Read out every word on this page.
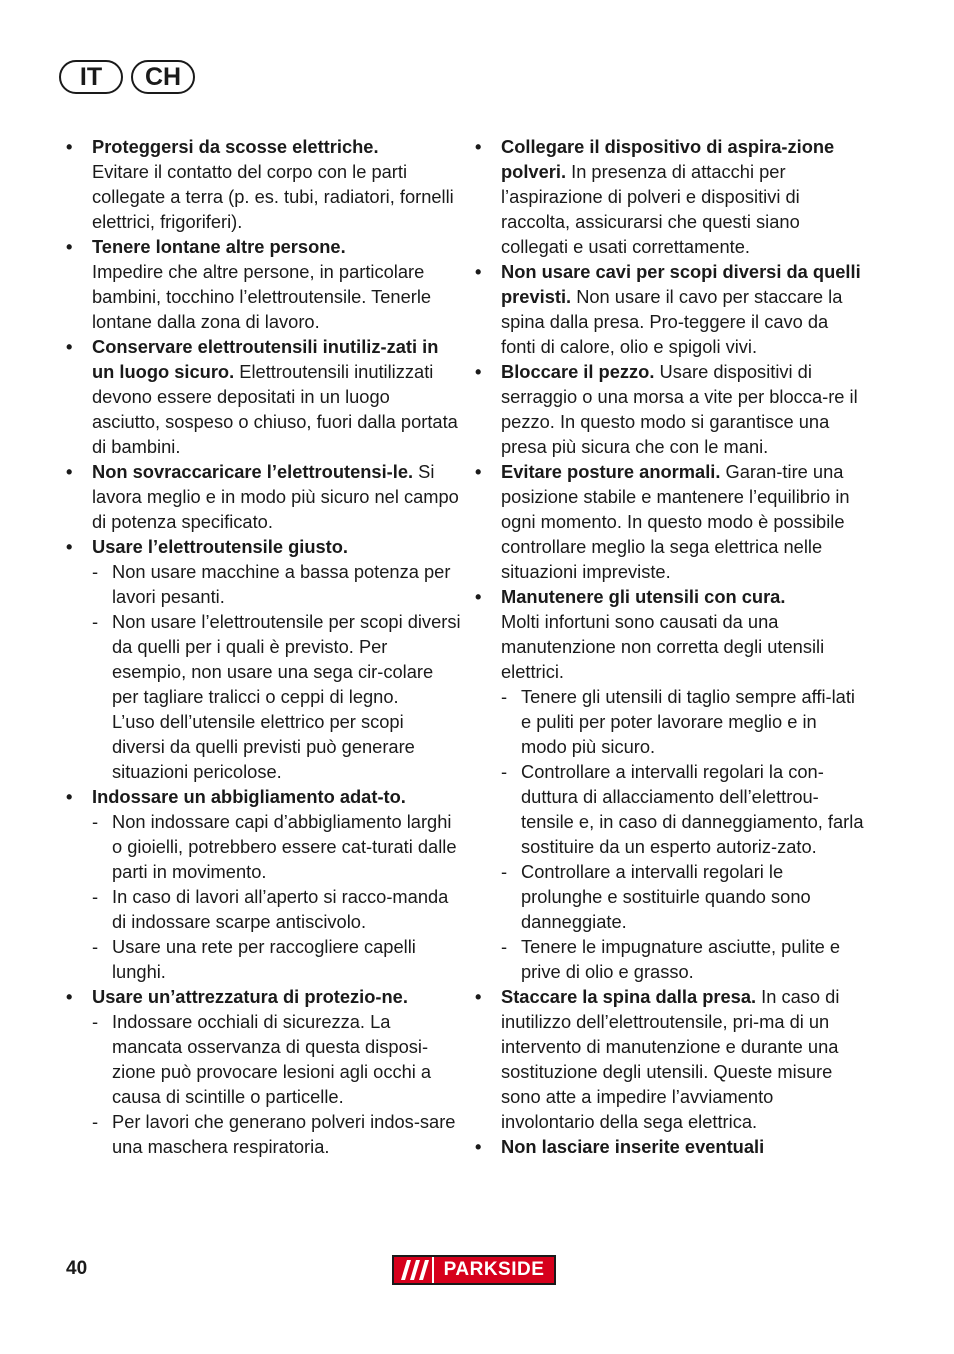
IT	CH
• Proteggersi da scosse elettriche.
Evitare il contatto del corpo con le parti collegate a terra (p. es. tubi, radiatori, fornelli elettrici, frigoriferi).
• Tenere lontane altre persone.
Impedire che altre persone, in particolare bambini, tocchino l’elettroutensile. Tenerle lontane dalla zona di lavoro.
• Conservare elettroutensili inutiliz-zati in un luogo sicuro. Elettroutensili inutilizzati devono essere depositati in un luogo asciutto, sospeso o chiuso, fuori dalla portata di bambini.
• Non sovraccaricare l’elettroutensi-le. Si lavora meglio e in modo più sicuro nel campo di potenza specificato.
• Usare l’elettroutensile giusto.
- Non usare macchine a bassa potenza per lavori pesanti.
- Non usare l’elettroutensile per scopi diversi da quelli per i quali è previsto. Per esempio, non usare una sega cir-colare per tagliare tralicci o ceppi di legno.
L’uso dell’utensile elettrico per scopi diversi da quelli previsti può generare situazioni pericolose.
• Indossare un abbigliamento adat-to.
- Non indossare capi d’abbigliamento larghi o gioielli, potrebbero essere cat-turati dalle parti in movimento.
- In caso di lavori all’aperto si racco-manda di indossare scarpe antiscivolo.
- Usare una rete per raccogliere capelli lunghi.
• Usare un’attrezzatura di protezio-ne.
- Indossare occhiali di sicurezza. La mancata osservanza di questa disposi-zione può provocare lesioni agli occhi a causa di scintille o particelle.
- Per lavori che generano polveri indos-sare una maschera respiratoria.
• Collegare il dispositivo di aspira-zione polveri. In presenza di attacchi per l’aspirazione di polveri e dispositivi di raccolta, assicurarsi che questi siano collegati e usati correttamente.
• Non usare cavi per scopi diversi da quelli previsti. Non usare il cavo per staccare la spina dalla presa. Pro-teggere il cavo da fonti di calore, olio e spigoli vivi.
• Bloccare il pezzo. Usare dispositivi di serraggio o una morsa a vite per blocca-re il pezzo. In questo modo si garantisce una presa più sicura che con le mani.
• Evitare posture anormali. Garan-tire una posizione stabile e mantenere l’equilibrio in ogni momento. In questo modo è possibile controllare meglio la sega elettrica nelle situazioni impreviste.
• Manutenere gli utensili con cura.
Molti infortuni sono causati da una manutenzione non corretta degli utensili elettrici.
- Tenere gli utensili di taglio sempre affi-lati e puliti per poter lavorare meglio e in modo più sicuro.
- Controllare a intervalli regolari la con-duttura di allacciamento dell’elettrou-tensile e, in caso di danneggiamento, farla sostituire da un esperto autoriz-zato.
- Controllare a intervalli regolari le prolunghe e sostituirle quando sono danneggiate.
- Tenere le impugnature asciutte, pulite e prive di olio e grasso.
• Staccare la spina dalla presa. In caso di inutilizzo dell’elettroutensile, pri-ma di un intervento di manutenzione e durante una sostituzione degli utensili. Queste misure sono atte a impedire l’avviamento involontario della sega elettrica.
• Non lasciare inserite eventuali
40	PARKSIDE
